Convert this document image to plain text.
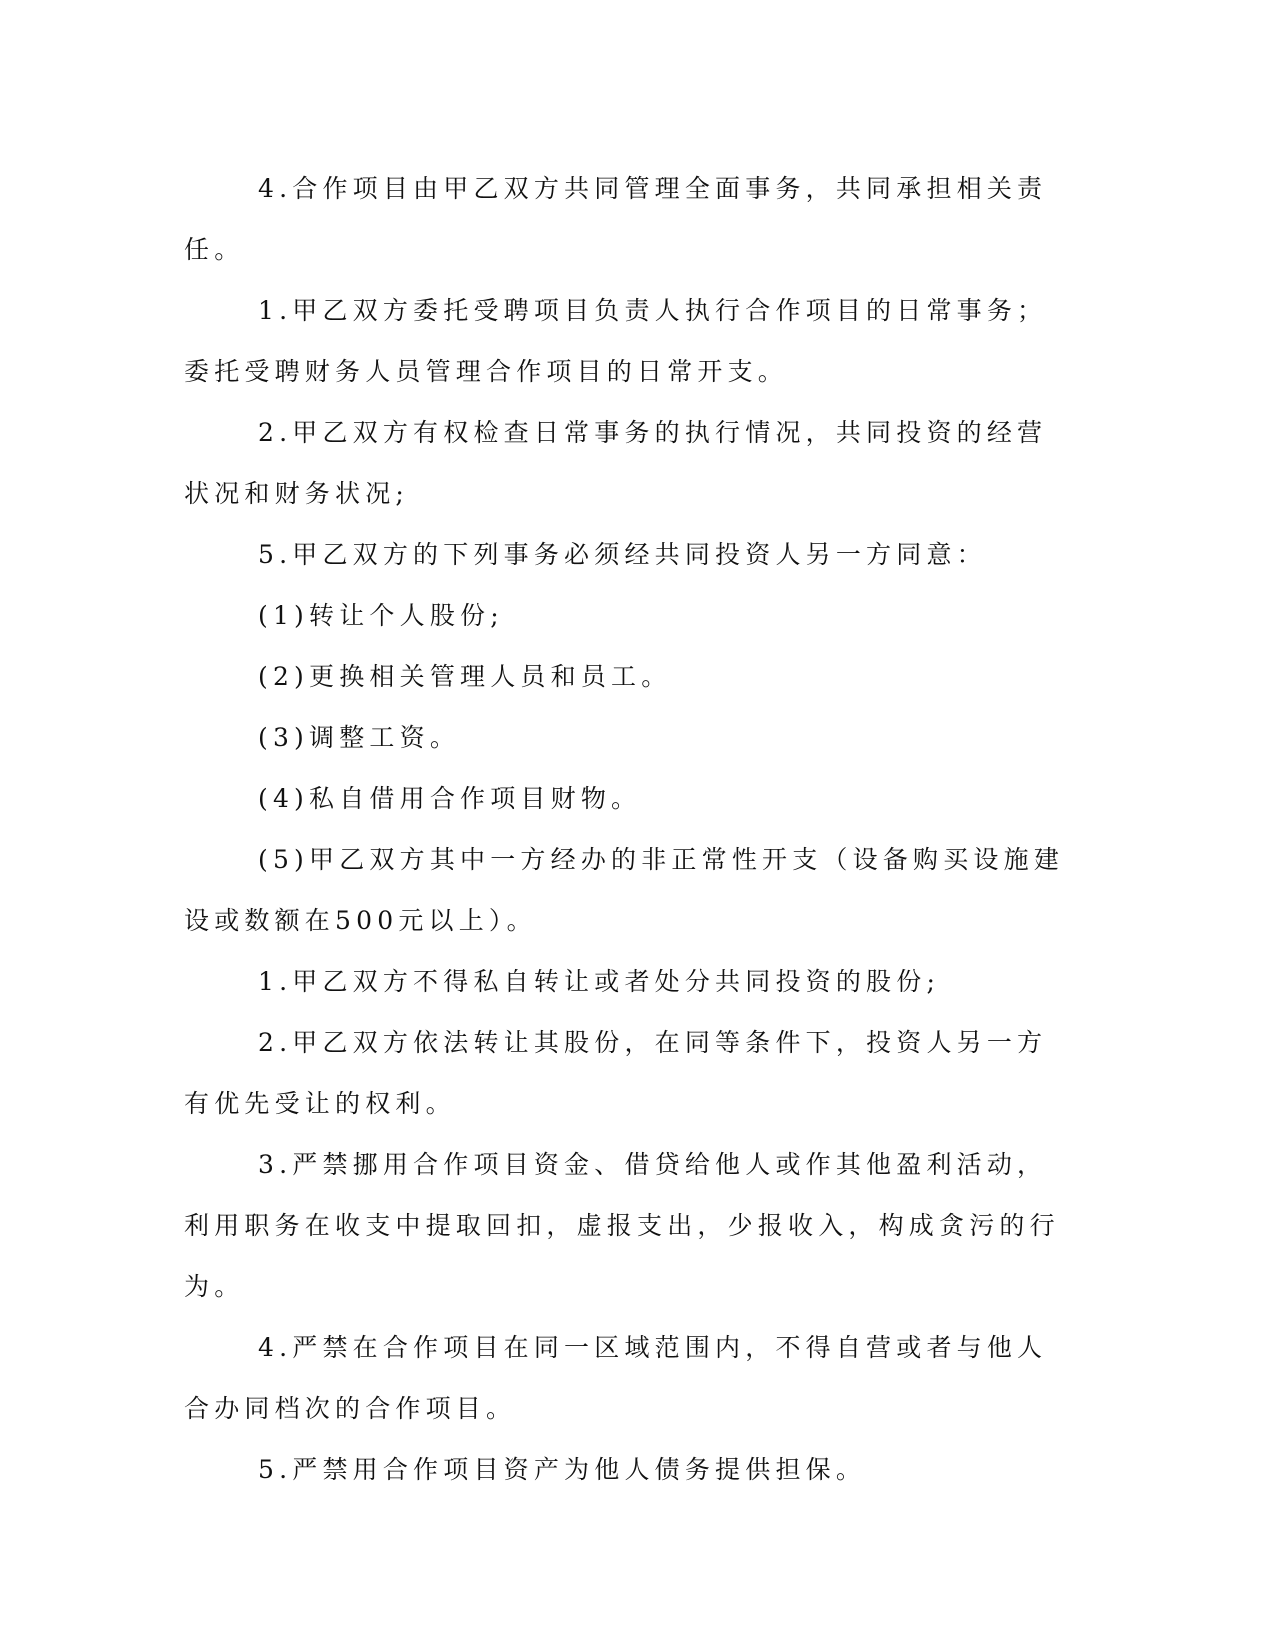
4.合作项目由甲乙双方共同管理全面事务，共同承担相关责任。

1.甲乙双方委托受聘项目负责人执行合作项目的日常事务；委托受聘财务人员管理合作项目的日常开支。

2.甲乙双方有权检查日常事务的执行情况，共同投资的经营状况和财务状况;

5.甲乙双方的下列事务必须经共同投资人另一方同意：

(1)转让个人股份;

(2)更换相关管理人员和员工。

(3)调整工资。

(4)私自借用合作项目财物。

(5)甲乙双方其中一方经办的非正常性开支（设备购买设施建设或数额在500元以上）。

1.甲乙双方不得私自转让或者处分共同投资的股份;

2.甲乙双方依法转让其股份，在同等条件下，投资人另一方有优先受让的权利。

3.严禁挪用合作项目资金、借贷给他人或作其他盈利活动，利用职务在收支中提取回扣，虚报支出，少报收入，构成贪污的行为。

4.严禁在合作项目在同一区域范围内，不得自营或者与他人合办同档次的合作项目。

5.严禁用合作项目资产为他人债务提供担保。
